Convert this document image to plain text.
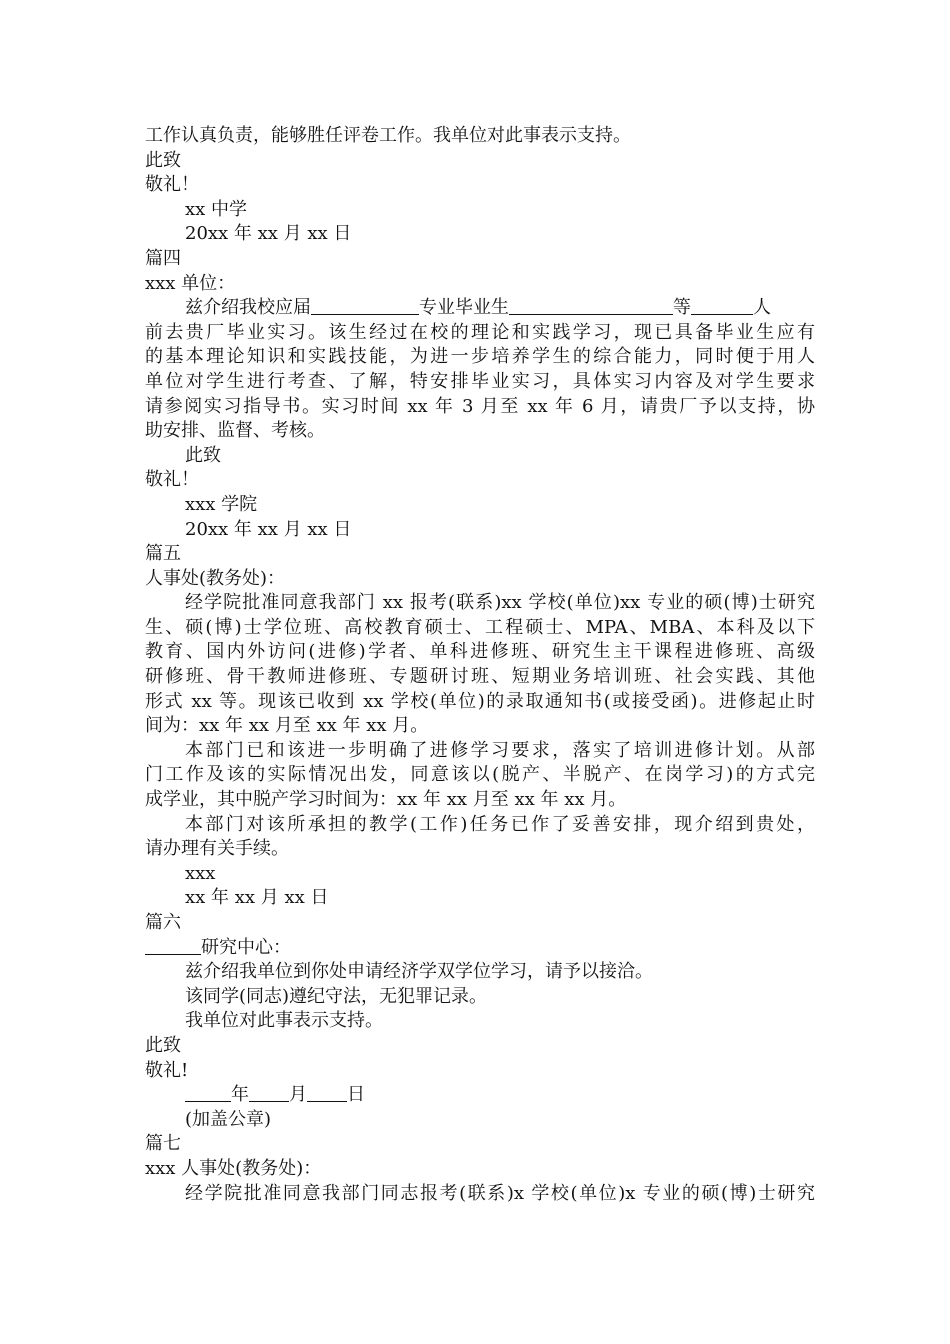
工作认真负责，能够胜任评卷工作。我单位对此事表示支持。
此致
敬礼！
xx 中学
20xx 年 xx 月 xx 日
篇四
xxx 单位：
兹介绍我校应届	专业毕业生	等	人
前去贵厂毕业实习。该生经过在校的理论和实践学习，现已具备毕业生应有
的基本理论知识和实践技能，为进一步培养学生的综合能力，同时便于用人
单位对学生进行考查、了解，特安排毕业实习，具体实习内容及对学生要求
请参阅实习指导书。实习时间 xx 年 3 月至 xx 年 6 月，请贵厂予以支持，协
助安排、监督、考核。
此致
敬礼！
xxx 学院
20xx 年 xx 月 xx 日
篇五
人事处(教务处)：
经学院批准同意我部门 xx 报考(联系)xx 学校(单位)xx 专业的硕(博)士研究
生、硕(博)士学位班、高校教育硕士、工程硕士、MPA、MBA、本科及以下
教育、国内外访问(进修)学者、单科进修班、研究生主干课程进修班、高级
研修班、骨干教师进修班、专题研讨班、短期业务培训班、社会实践、其他
形式 xx 等。现该已收到 xx 学校(单位)的录取通知书(或接受函)。进修起止时
间为：xx 年 xx 月至 xx 年 xx 月。
本部门已和该进一步明确了进修学习要求，落实了培训进修计划。从部
门工作及该的实际情况出发，同意该以(脱产、半脱产、在岗学习)的方式完
成学业，其中脱产学习时间为：xx 年 xx 月至 xx 年 xx 月。
本部门对该所承担的教学(工作)任务已作了妥善安排，现介绍到贵处，
请办理有关手续。
xxx
xx 年 xx 月 xx 日
篇六
研究中心：
兹介绍我单位到你处申请经济学双学位学习，请予以接洽。
该同学(同志)遵纪守法，无犯罪记录。
我单位对此事表示支持。
此致
敬礼!
年 月 日
(加盖公章)
篇七
xxx 人事处(教务处)：
经学院批准同意我部门同志报考(联系)x 学校(单位)x 专业的硕(博)士研究
